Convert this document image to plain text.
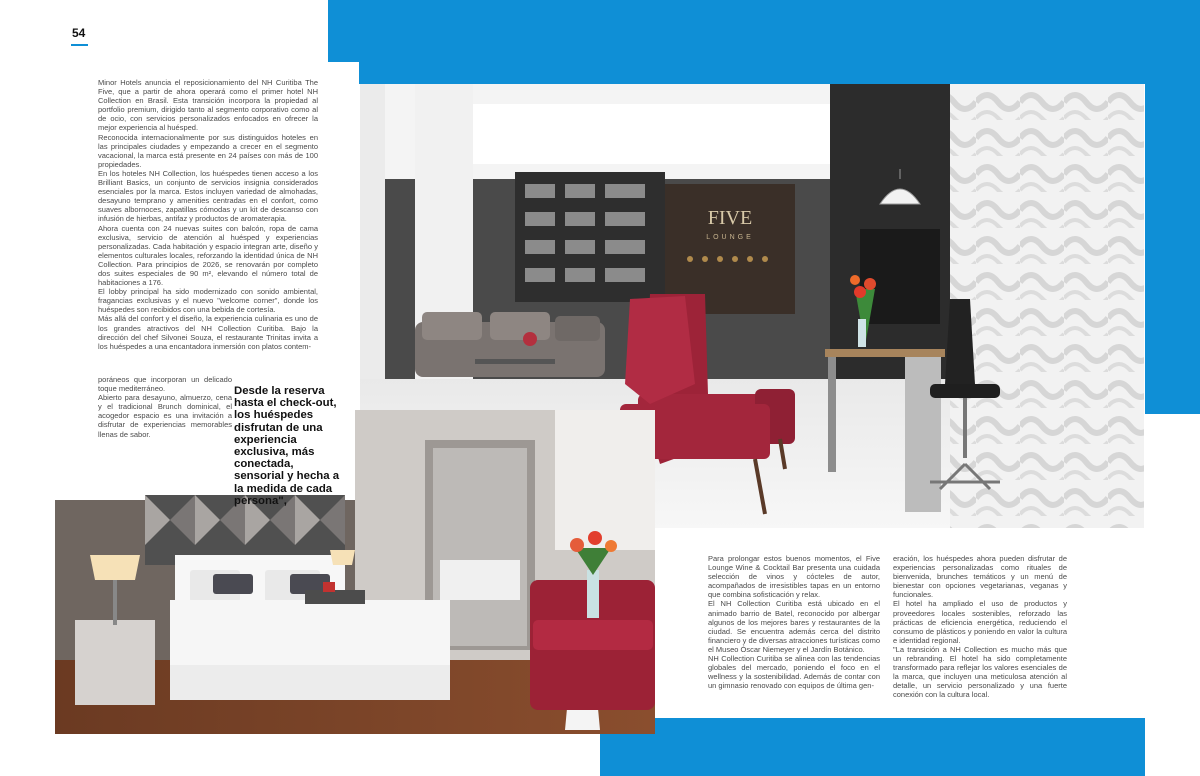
54
FIVE
LOUNGE

Minor Hotels anuncia el reposicionamiento del NH Curitiba The Five, que a partir de ahora operará como el primer hotel NH Collection en Brasil. Esta transición incorpora la propiedad al portfolio premium, dirigido tanto al segmento corporativo como al de ocio, con servicios personalizados enfocados en ofrecer la mejor experiencia al huésped.

Reconocida internacionalmente por sus distinguidos hoteles en las principales ciudades y empezando a crecer en el segmento vacacional, la marca está presente en 24 países con más de 100 propiedades.

En los hoteles NH Collection, los huéspedes tienen acceso a los Brilliant Basics, un conjunto de servicios insignia considerados esenciales por la marca. Estos incluyen variedad de almohadas, desayuno temprano y amenities centradas en el confort, como suaves albornoces, zapatillas cómodas y un kit de descanso con infusión de hierbas, antifaz y productos de aromaterapia.

Ahora cuenta con 24 nuevas suites con balcón, ropa de cama exclusiva, servicio de atención al huésped y experiencias personalizadas. Cada habitación y espacio integran arte, diseño y elementos culturales locales, reforzando la identidad única de NH Collection. Para principios de 2026, se renovarán por completo dos suites especiales de 90 m², elevando el número total de habitaciones a 176.

El lobby principal ha sido modernizado con sonido ambiental, fragancias exclusivas y el nuevo "welcome corner", donde los huéspedes son recibidos con una bebida de cortesía.

Más allá del confort y el diseño, la experiencia culinaria es uno de los grandes atractivos del NH Collection Curitiba. Bajo la dirección del chef Silvonei Souza, el restaurante Trinitas invita a los huéspedes a una encantadora inmersión con platos contem-

poráneos que incorporan un delicado toque mediterráneo.

Abierto para desayuno, almuerzo, cena y el tradicional Brunch dominical, el acogedor espacio es una invitación a disfrutar de experiencias memorables llenas de sabor.

Desde la reserva hasta el check-out, los huéspedes disfrutan de una experiencia exclusiva, más conectada, sensorial y hecha a la medida de cada persona",

Para prolongar estos buenos momentos, el Five Lounge Wine & Cocktail Bar presenta una cuidada selección de vinos y cócteles de autor, acompañados de irresistibles tapas en un entorno que combina sofisticación y relax.

El NH Collection Curitiba está ubicado en el animado barrio de Batel, reconocido por albergar algunos de los mejores bares y restaurantes de la ciudad. Se encuentra además cerca del distrito financiero y de diversas atracciones turísticas como el Museo Óscar Niemeyer y el Jardín Botánico.

NH Collection Curitiba se alinea con las tendencias globales del mercado, poniendo el foco en el wellness y la sostenibilidad. Además de contar con un gimnasio renovado con equipos de última gen-

eración, los huéspedes ahora pueden disfrutar de experiencias personalizadas como rituales de bienvenida, brunches temáticos y un menú de bienestar con opciones vegetarianas, veganas y funcionales.

El hotel ha ampliado el uso de productos y proveedores locales sostenibles, reforzado las prácticas de eficiencia energética, reduciendo el consumo de plásticos y poniendo en valor la cultura e identidad regional.

"La transición a NH Collection es mucho más que un rebranding. El hotel ha sido completamente transformado para reflejar los valores esenciales de la marca, que incluyen una meticulosa atención al detalle, un servicio personalizado y una fuerte conexión con la cultura local.
